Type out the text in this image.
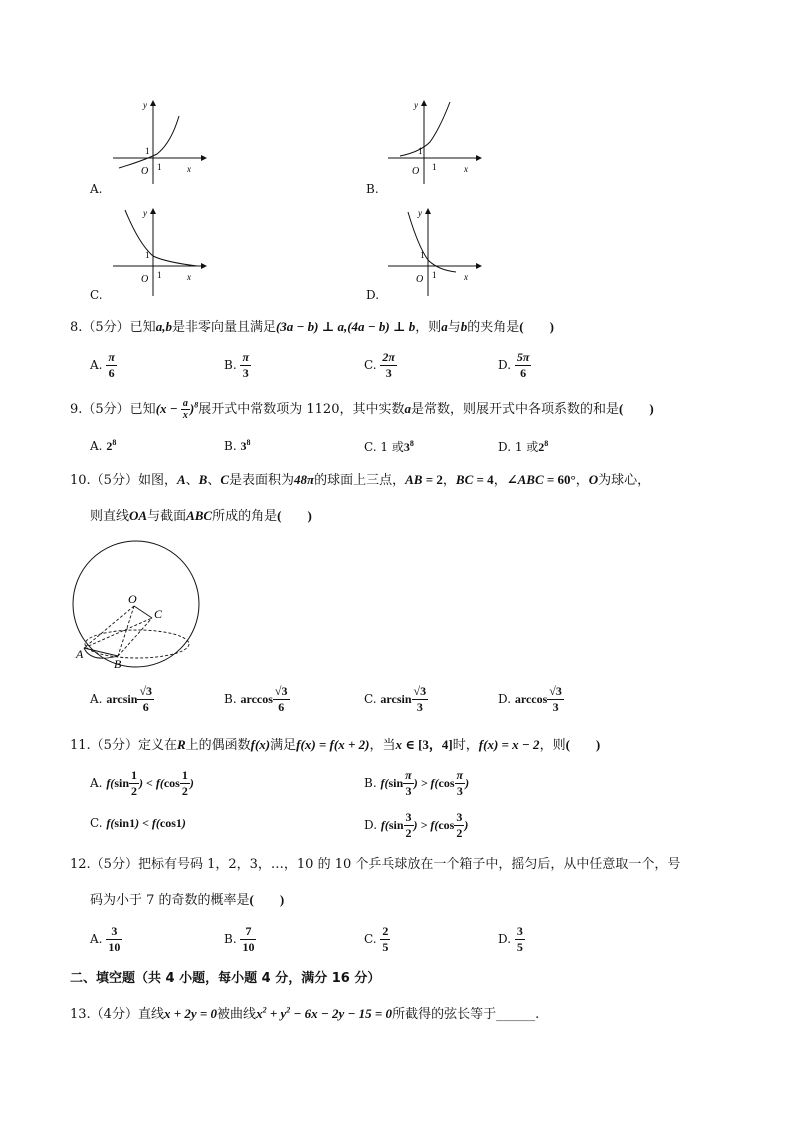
y
x
O 1
1
A.
y
x
O 1
1
B.
y
x
O 1
1
C.
y
x
O 1
1
D.
8.（5分）已知a,b是非零向量且满足(3a − b) ⊥ a,(4a − b) ⊥ b，则a与b的夹角是(　　)
A. $\frac{\pi}{6}$	B. $\frac{\pi}{3}$	C. $\frac{2\pi}{3}$	D. $\frac{5\pi}{6}$
9.（5分）已知$(x - \frac{a}{x} )^8$展开式中常数项为 1120，其中实数a是常数，则展开式中各项系数的和是(　　)
A. $2^8$	B. $3^8$	C. 1 或$3^8$	D. 1 或$2^8$
10.（5分）如图，A、B、C是表面积为48π的球面上三点，AB = 2，BC = 4，∠ABC = 60°，O为球心，
则直线OA与截面ABC所成的角是(　　)
O
C
A
B
A. $\arcsin \frac{√3}{6}$	B. $\arccos \frac{√3}{6}$	C. $\arcsin \frac{√3}{3}$	D. $\arccos \frac{√3}{3}$
11.（5分）定义在R上的偶函数f(x)满足f(x) = f(x + 2)，当x ∈ [3，4]时，f(x) = x − 2，则(　　)
A. $f(\sin \frac{1}{2}$ ) < $f(\cos \frac{1}{2}$ )	B. $f(\sin \frac{\pi}{3}$ ) > $f(\cos \frac{\pi}{3}$ )
C. f(sin1) < f(cos1)	D. $f(\sin \frac{3}{2}$ ) > $f(\cos \frac{3}{2}$ )
12.（5分）把标有号码 1，2，3，…，10 的 10 个乒乓球放在一个箱子中，摇匀后，从中任意取一个，号
码为小于 7 的奇数的概率是(　　)
A. $\frac{3}{10}$	B. $\frac{7}{10}$	C. $\frac{2}{5}$	D. $\frac{3}{5}$
二、填空题（共 4 小题，每小题 4 分，满分 16 分）
13.（4分）直线x + 2y = 0被曲线$x^2 + y^2 - 6x - 2y - 15 = 0$所截得的弦长等于______.
